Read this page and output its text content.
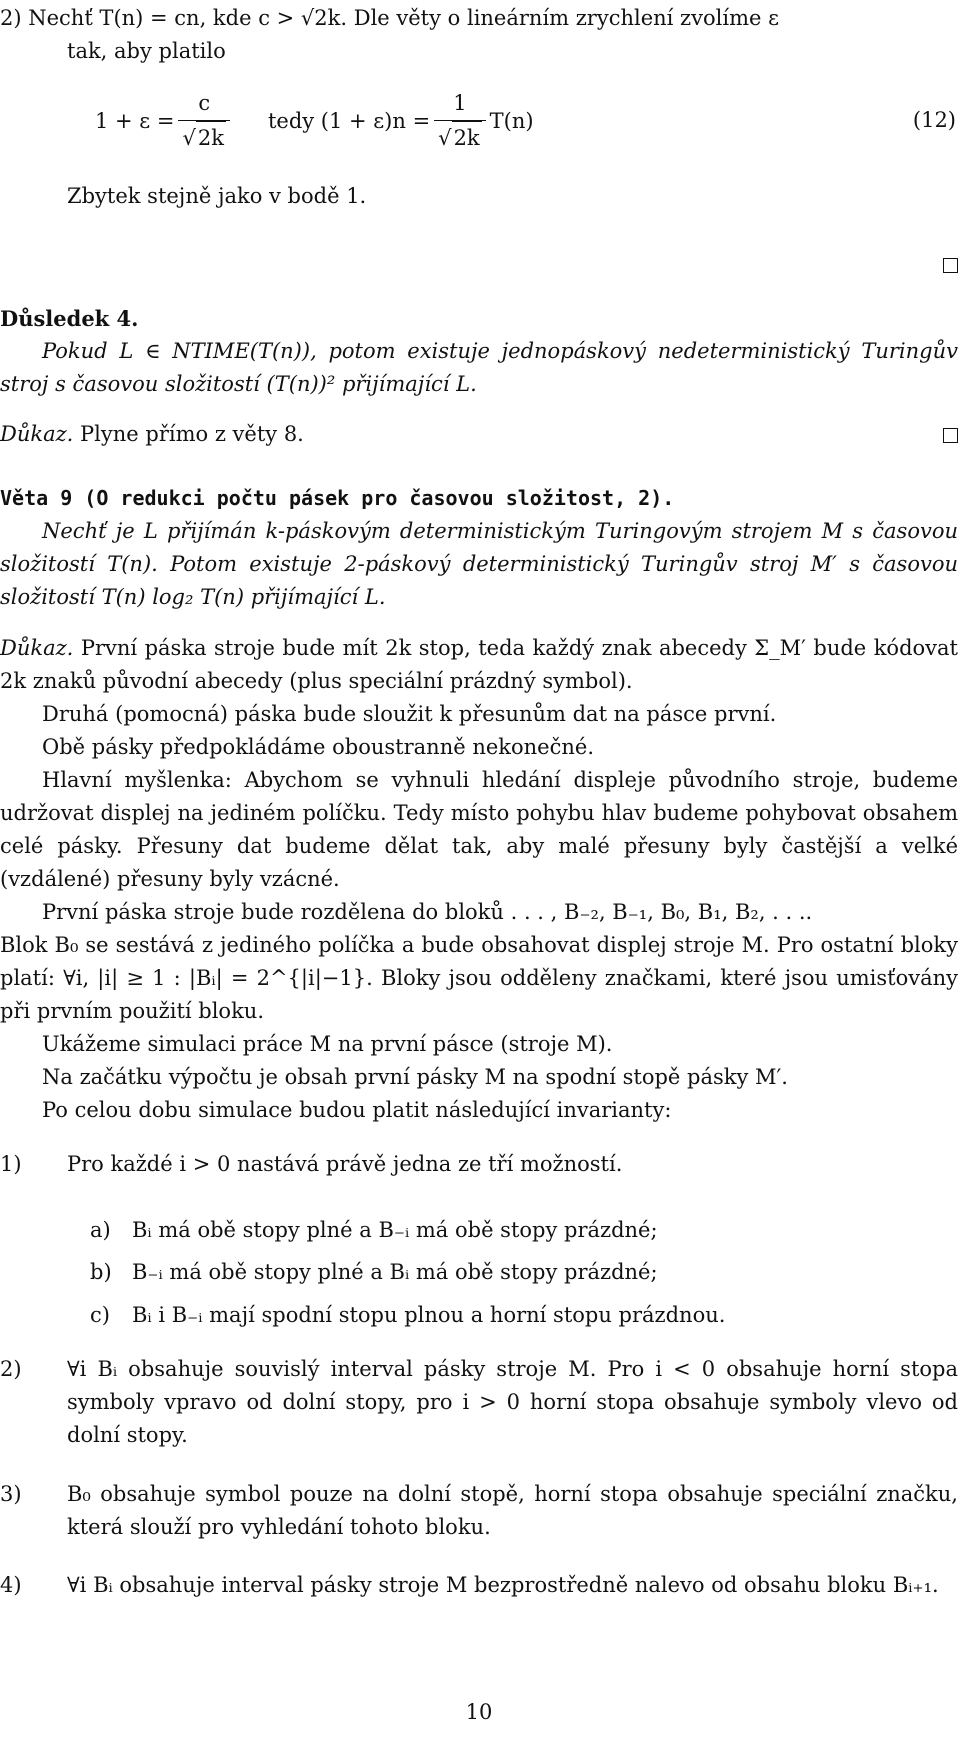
2) Nechť T(n) = cn, kde c > √2k. Dle věty o lineárním zrychlení zvolíme ε

tak, aby platilo

$1 + \varepsilon = \frac{c}{√2k}$ tedy $(1 + \varepsilon)n = \frac{1}{√2k} T(n)$	(12)

Zbytek stejně jako v bodě 1.

Důsledek 4.

Pokud L ∈ NTIME(T(n)), potom existuje jednopáskový nedeterministický Turingův stroj s časovou složitostí (T(n))² přijímající L.

Důkaz. Plyne přímo z věty 8.

Věta 9 (O redukci počtu pásek pro časovou složitost, 2).

Nechť je L přijímán k-páskovým deterministickým Turingovým strojem M s časovou složitostí T(n). Potom existuje 2-páskový deterministický Turingův stroj M′ s časovou složitostí T(n) log₂ T(n) přijímající L.

Důkaz. První páska stroje bude mít 2k stop, teda každý znak abecedy Σ_M′ bude kódovat 2k znaků původní abecedy (plus speciální prázdný symbol).

Druhá (pomocná) páska bude sloužit k přesunům dat na pásce první.

Obě pásky předpokládáme oboustranně nekonečné.

Hlavní myšlenka: Abychom se vyhnuli hledání displeje původního stroje, budeme udržovat displej na jediném políčku. Tedy místo pohybu hlav budeme pohybovat obsahem celé pásky. Přesuny dat budeme dělat tak, aby malé přesuny byly častější a velké (vzdálené) přesuny byly vzácné.

První páska stroje bude rozdělena do bloků . . . , B₋₂, B₋₁, B₀, B₁, B₂, . . ..

Blok B₀ se sestává z jediného políčka a bude obsahovat displej stroje M. Pro ostatní bloky platí: ∀i, |i| ≥ 1 : |Bᵢ| = 2^{|i|−1}. Bloky jsou odděleny značkami, které jsou umisťovány při prvním použití bloku.

Ukážeme simulaci práce M na první pásce (stroje M).

Na začátku výpočtu je obsah první pásky M na spodní stopě pásky M′.

Po celou dobu simulace budou platit následující invarianty:

1) Pro každé i > 0 nastává právě jedna ze tří možností.

a) Bᵢ má obě stopy plné a B₋ᵢ má obě stopy prázdné;
b) B₋ᵢ má obě stopy plné a Bᵢ má obě stopy prázdné;
c) Bᵢ i B₋ᵢ mají spodní stopu plnou a horní stopu prázdnou.
2) ∀i Bᵢ obsahuje souvislý interval pásky stroje M. Pro i < 0 obsahuje horní stopa symboly vpravo od dolní stopy, pro i > 0 horní stopa obsahuje symboly vlevo od dolní stopy.

3) B₀ obsahuje symbol pouze na dolní stopě, horní stopa obsahuje speciální značku, která slouží pro vyhledání tohoto bloku.

4) ∀i Bᵢ obsahuje interval pásky stroje M bezprostředně nalevo od obsahu bloku Bᵢ₊₁.

10
